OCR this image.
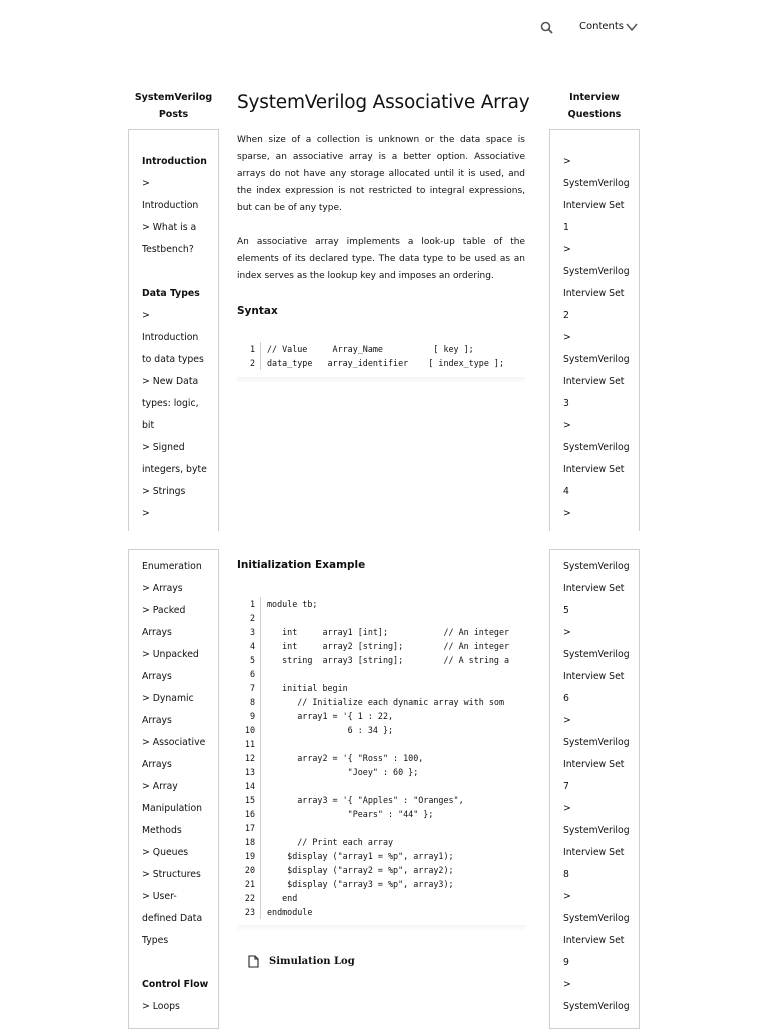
Contents
SystemVerilog
Posts
Interview
Questions
Introduction
>
Introduction
> What is a
Testbench?
Data Types
>
Introduction
to data types
> New Data
types: logic,
bit
> Signed
integers, byte
> Strings
>
Enumeration
> Arrays
> Packed
Arrays
> Unpacked
Arrays
> Dynamic
Arrays
> Associative
Arrays
> Array
Manipulation
Methods
> Queues
> Structures
> User-
defined Data
Types
Control Flow
> Loops
>
SystemVerilog
Interview Set
1
>
SystemVerilog
Interview Set
2
>
SystemVerilog
Interview Set
3
>
SystemVerilog
Interview Set
4
>
SystemVerilog
Interview Set
5
>
SystemVerilog
Interview Set
6
>
SystemVerilog
Interview Set
7
>
SystemVerilog
Interview Set
8
>
SystemVerilog
Interview Set
9
>
SystemVerilog
SystemVerilog Associative Array
When size of a collection is unknown or the data space is sparse, an associative array is a better option. Associative arrays do not have any storage allocated until it is used, and the index expression is not restricted to integral expressions, but can be of any type.
An associative array implements a look-up table of the elements of its declared type. The data type to be used as an index serves as the lookup key and imposes an ordering.
Syntax
1	// Value     Array_Name          [ key ];
2	data_type   array_identifier    [ index_type ];
Initialization Example
1	module tb;
2
3	int     array1 [int];           // An integer
4	int     array2 [string];        // An integer
5	string  array3 [string];        // A string a
6
7	initial begin
8	// Initialize each dynamic array with som
9	array1 = '{ 1 : 22,
10	6 : 34 };
11
12	array2 = '{ "Ross" : 100,
13	"Joey" : 60 };
14
15	array3 = '{ "Apples" : "Oranges",
16	"Pears" : "44" };
17
18	// Print each array
19	$display ("array1 = %p", array1);
20	$display ("array2 = %p", array2);
21	$display ("array3 = %p", array3);
22	end
23	endmodule
Simulation Log
